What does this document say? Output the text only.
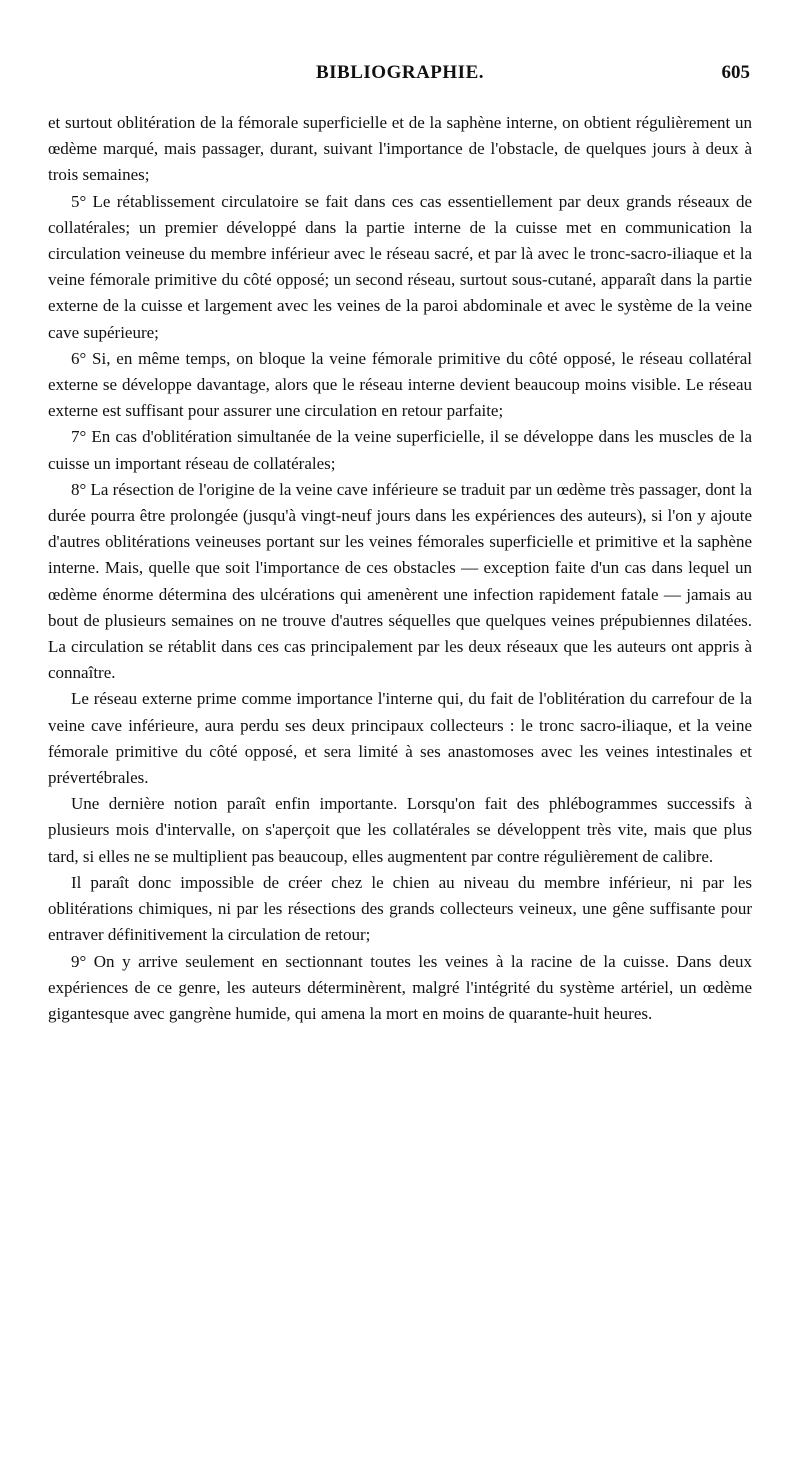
BIBLIOGRAPHIE.	605

et surtout oblitération de la fémorale superficielle et de la saphène interne, on obtient régulièrement un œdème marqué, mais passager, durant, suivant l'importance de l'obstacle, de quelques jours à deux à trois semaines;

5° Le rétablissement circulatoire se fait dans ces cas essentiellement par deux grands réseaux de collatérales; un premier développé dans la partie interne de la cuisse met en communication la circulation veineuse du membre inférieur avec le réseau sacré, et par là avec le tronc-sacro-iliaque et la veine fémorale primitive du côté opposé; un second réseau, surtout sous-cutané, apparaît dans la partie externe de la cuisse et largement avec les veines de la paroi abdominale et avec le système de la veine cave supérieure;

6° Si, en même temps, on bloque la veine fémorale primitive du côté opposé, le réseau collatéral externe se développe davantage, alors que le réseau interne devient beaucoup moins visible. Le réseau externe est suffisant pour assurer une circulation en retour parfaite;

7° En cas d'oblitération simultanée de la veine superficielle, il se développe dans les muscles de la cuisse un important réseau de collatérales;

8° La résection de l'origine de la veine cave inférieure se traduit par un œdème très passager, dont la durée pourra être prolongée (jusqu'à vingt-neuf jours dans les expériences des auteurs), si l'on y ajoute d'autres oblitérations veineuses portant sur les veines fémorales superficielle et primitive et la saphène interne. Mais, quelle que soit l'importance de ces obstacles — exception faite d'un cas dans lequel un œdème énorme détermina des ulcérations qui amenèrent une infection rapidement fatale — jamais au bout de plusieurs semaines on ne trouve d'autres séquelles que quelques veines prépubiennes dilatées. La circulation se rétablit dans ces cas principalement par les deux réseaux que les auteurs ont appris à connaître.

Le réseau externe prime comme importance l'interne qui, du fait de l'oblitération du carrefour de la veine cave inférieure, aura perdu ses deux principaux collecteurs : le tronc sacro-iliaque, et la veine fémorale primitive du côté opposé, et sera limité à ses anastomoses avec les veines intestinales et prévertébrales.

Une dernière notion paraît enfin importante. Lorsqu'on fait des phlébogrammes successifs à plusieurs mois d'intervalle, on s'aperçoit que les collatérales se développent très vite, mais que plus tard, si elles ne se multiplient pas beaucoup, elles augmentent par contre régulièrement de calibre.

Il paraît donc impossible de créer chez le chien au niveau du membre inférieur, ni par les oblitérations chimiques, ni par les résections des grands collecteurs veineux, une gêne suffisante pour entraver définitivement la circulation de retour;

9° On y arrive seulement en sectionnant toutes les veines à la racine de la cuisse. Dans deux expériences de ce genre, les auteurs déterminèrent, malgré l'intégrité du système artériel, un œdème gigantesque avec gangrène humide, qui amena la mort en moins de quarante-huit heures.
